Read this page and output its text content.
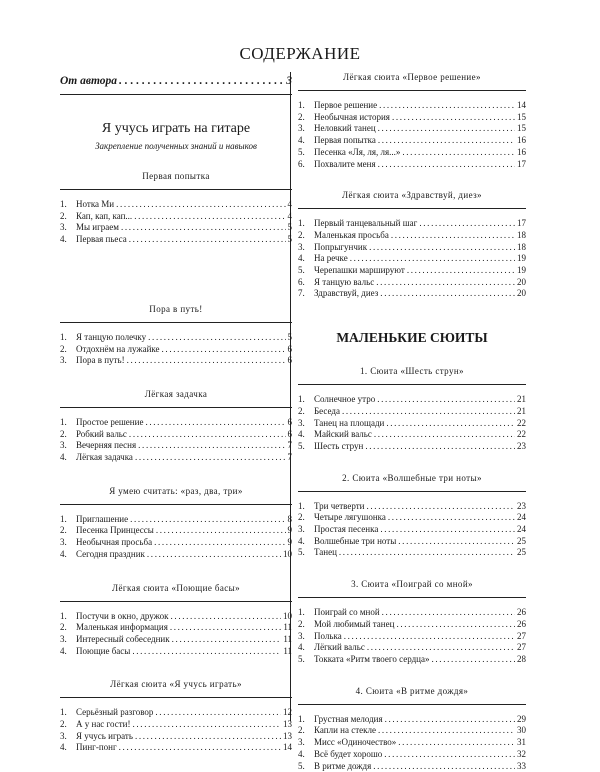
СОДЕРЖАНИЕ
От автора . . .	3
Я учусь играть на гитаре
Закрепление полученных знаний и навыков
Первая попытка
1.	Нотка Ми . . .	4
2.	Кап, кап, кап... . . .	4
3.	Мы играем . . .	5
4.	Первая пьеса . . .	5
Пора в путь!
1.	Я танцую полечку . . .	5
2.	Отдохнём на лужайке . . .	6
3.	Пора в путь! . . .	6
Лёгкая задачка
1.	Простое решение . . .	6
2.	Робкий вальс . . .	6
3.	Вечерняя песня . . .	7
4.	Лёгкая задачка . . .	7
Я умею считать: «раз, два, три»
1.	Приглашение . . .	8
2.	Песенка Принцессы . . .	9
3.	Необычная просьба . . .	9
4.	Сегодня праздник . . .	10
Лёгкая сюита «Поющие басы»
1.	Постучи в окно, дружок . . .	10
2.	Маленькая информация . . .	11
3.	Интересный собеседник . . .	11
4.	Поющие басы . . .	11
Лёгкая сюита «Я учусь играть»
1.	Серьёзный разговор . . .	12
2.	А у нас гости! . . .	13
3.	Я учусь играть . . .	13
4.	Пинг-понг . . .	14
Лёгкая сюита «Первое решение»
1.	Первое решение . . .	14
2.	Необычная история . . .	15
3.	Неловкий танец . . .	15
4.	Первая попытка . . .	16
5.	Песенка «Ля, ля, ля...» . . .	16
6.	Похвалите меня . . .	17
Лёгкая сюита «Здравствуй, диез»
1.	Первый танцевальный шаг . . .	17
2.	Маленькая просьба . . .	18
3.	Попрыгунчик . . .	18
4.	На речке . . .	19
5.	Черепашки маршируют . . .	19
6.	Я танцую вальс . . .	20
7.	Здравствуй, диез . . .	20
МАЛЕНЬКИЕ СЮИТЫ
1. Сюита «Шесть струн»
1.	Солнечное утро . . .	21
2.	Беседа . . .	21
3.	Танец на площади . . .	22
4.	Майский вальс . . .	22
5.	Шесть струн . . .	23
2. Сюита «Волшебные три ноты»
1.	Три четверти . . .	23
2.	Четыре лягушонка . . .	24
3.	Простая песенка . . .	24
4.	Волшебные три ноты . . .	25
5.	Танец . . .	25
3. Сюита «Поиграй со мной»
1.	Поиграй со мной . . .	26
2.	Мой любимый танец . . .	26
3.	Полька . . .	27
4.	Лёгкий вальс . . .	27
5.	Токката «Ритм твоего сердца» . . .	28
4. Сюита «В ритме дождя»
1.	Грустная мелодия . . .	29
2.	Капли на стекле . . .	30
3.	Мисс «Одиночество» . . .	31
4.	Всё будет хорошо . . .	32
5.	В ритме дождя . . .	33
